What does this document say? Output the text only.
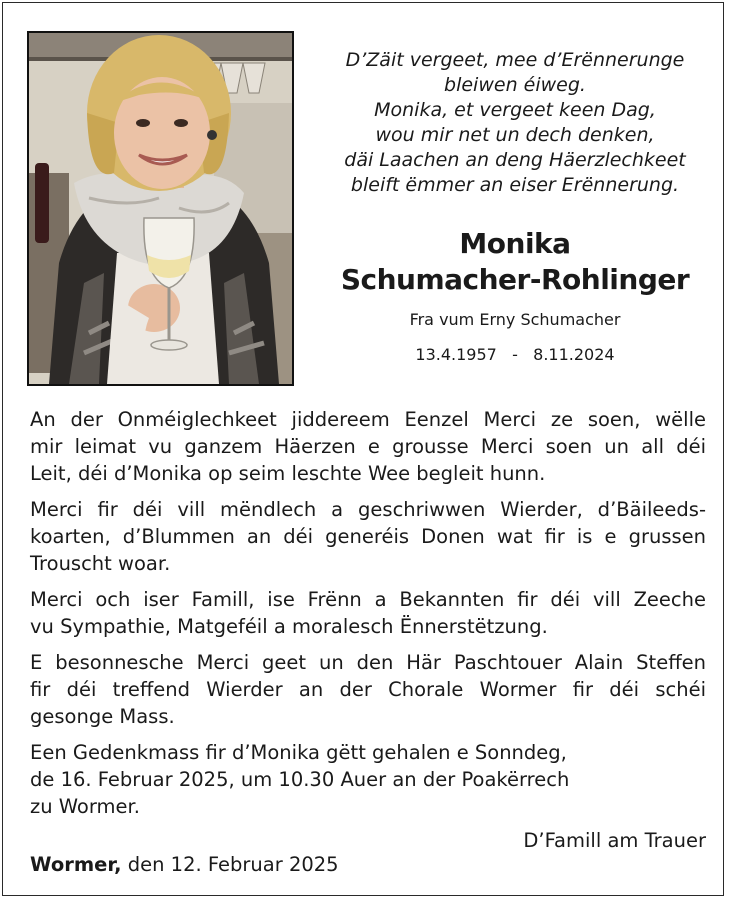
D’Zäit vergeet, mee d’Erënnerunge
bleiwen éiweg.
Monika, et vergeet keen Dag,
wou mir net un dech denken,
däi Laachen an deng Häerzlechkeet
bleift ëmmer an eiser Erënnerung.
Monika
Schumacher-Rohlinger
Fra vum Erny Schumacher
13.4.1957 - 8.11.2024
An der Onméiglechkeet jiddereem Eenzel Merci ze soen, wëlle
mir leimat vu ganzem Häerzen e grousse Merci soen un all déi
Leit, déi d’Monika op seim leschte Wee begleit hunn.
Merci fir déi vill mëndlech a geschriwwen Wierder, d’Bäileeds-
koarten, d’Blummen an déi generéis Donen wat fir is e grussen
Trouscht woar.
Merci och iser Famill, ise Frënn a Bekannten fir déi vill Zeeche
vu Sympathie, Matgeféil a moralesch Ënnerstëtzung.
E besonnesche Merci geet un den Här Paschtouer Alain Steffen
fir déi treffend Wierder an der Chorale Wormer fir déi schéi
gesonge Mass.
Een Gedenkmass fir d’Monika gëtt gehalen e Sonndeg,
de 16. Februar 2025, um 10.30 Auer an der Poakërrech
zu Wormer.
D’Famill am Trauer
Wormer, den 12. Februar 2025
